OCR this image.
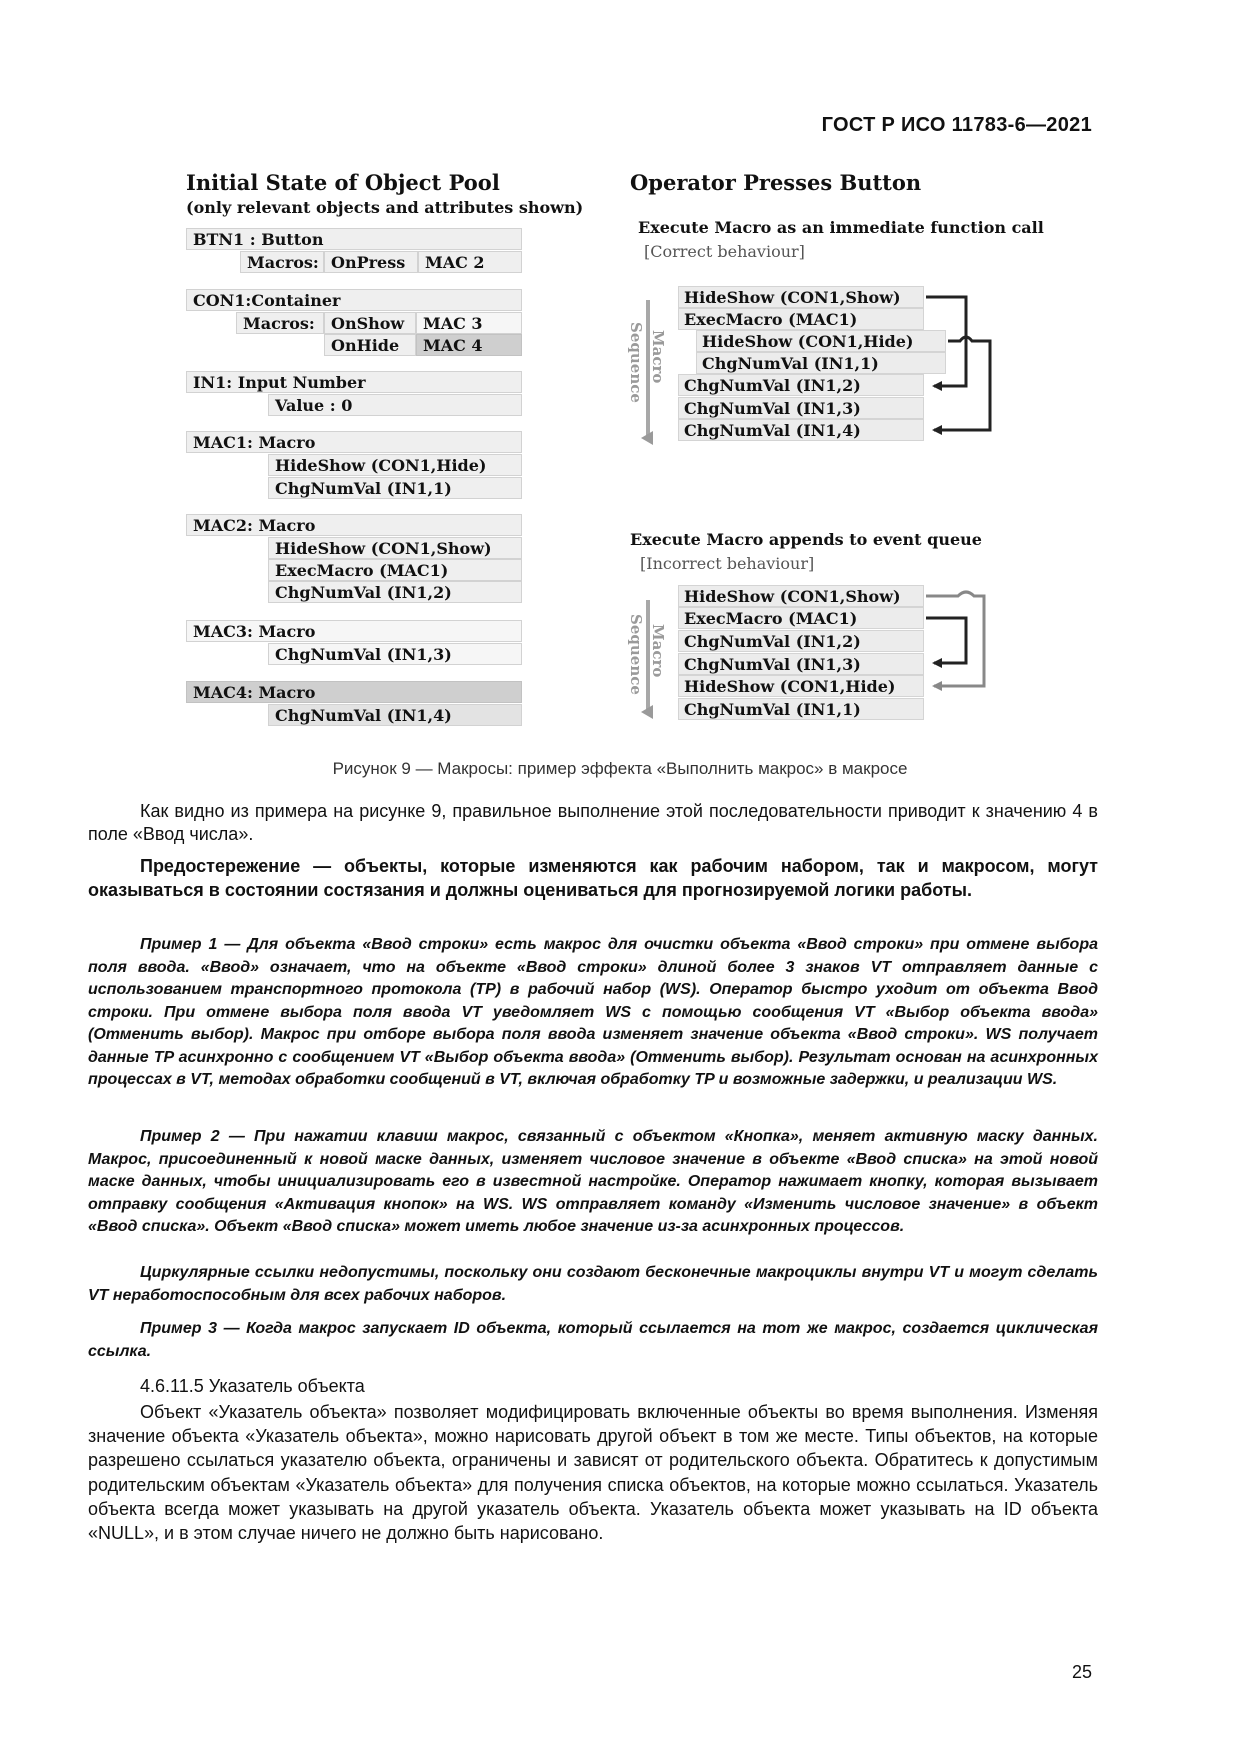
ГОСТ Р ИСО 11783-6—2021
Initial State of Object Pool
(only relevant objects and attributes shown)
BTN1 : Button
Macros: OnPress	MAC 2
CON1:Container
Macros:	OnShow	MAC 3
OnHide	MAC 4
IN1: Input Number
Value : 0
MAC1: Macro
HideShow (CON1,Hide)
ChgNumVal (IN1,1)
MAC2: Macro
HideShow (CON1,Show)
ExecMacro (MAC1)
ChgNumVal (IN1,2)
MAC3: Macro
ChgNumVal (IN1,3)
MAC4: Macro
ChgNumVal (IN1,4)
Operator Presses Button
Execute Macro as an immediate function call
[Correct behaviour]
Sequence Macro
HideShow (CON1,Show)
ExecMacro (MAC1)
HideShow (CON1,Hide)
ChgNumVal (IN1,1)
ChgNumVal (IN1,2)
ChgNumVal (IN1,3)
ChgNumVal (IN1,4)
Execute Macro appends to event queue
[Incorrect behaviour]
Sequence Macro
HideShow (CON1,Show)
ExecMacro (MAC1)
ChgNumVal (IN1,2)
ChgNumVal (IN1,3)
HideShow (CON1,Hide)
ChgNumVal (IN1,1)
Рисунок 9 — Макросы: пример эффекта «Выполнить макрос» в макросе
Как видно из примера на рисунке 9, правильное выполнение этой последовательности приводит к значению 4 в поле «Ввод числа».
Предостережение — объекты, которые изменяются как рабочим набором, так и макросом, могут оказываться в состоянии состязания и должны оцениваться для прогнозируемой логики работы.
Пример 1 — Для объекта «Ввод строки» есть макрос для очистки объекта «Ввод строки» при отмене выбора поля ввода. «Ввод» означает, что на объекте «Ввод строки» длиной более 3 знаков VT отправляет данные с использованием транспортного протокола (TP) в рабочий набор (WS). Оператор быстро уходит от объекта Ввод строки. При отмене выбора поля ввода VT уведомляет WS с помощью сообщения VT «Выбор объекта ввода» (Отменить выбор). Макрос при отборе выбора поля ввода изменяет значение объекта «Ввод строки». WS получает данные TP асинхронно с сообщением VT «Выбор объекта ввода» (Отменить выбор). Результат основан на асинхронных процессах в VT, методах обработки сообщений в VT, включая обработку TP и возможные задержки, и реализации WS.
Пример 2 — При нажатии клавиш макрос, связанный с объектом «Кнопка», меняет активную маску данных. Макрос, присоединенный к новой маске данных, изменяет числовое значение в объекте «Ввод списка» на этой новой маске данных, чтобы инициализировать его в известной настройке. Оператор нажимает кнопку, которая вызывает отправку сообщения «Активация кнопок» на WS. WS отправляет команду «Изменить числовое значение» в объект «Ввод списка». Объект «Ввод списка» может иметь любое значение из-за асинхронных процессов.
Циркулярные ссылки недопустимы, поскольку они создают бесконечные макроциклы внутри VT и могут сделать VT неработоспособным для всех рабочих наборов.
Пример 3 — Когда макрос запускает ID объекта, который ссылается на тот же макрос, создается циклическая ссылка.
4.6.11.5 Указатель объекта
Объект «Указатель объекта» позволяет модифицировать включенные объекты во время выполнения. Изменяя значение объекта «Указатель объекта», можно нарисовать другой объект в том же месте. Типы объектов, на которые разрешено ссылаться указателю объекта, ограничены и зависят от родительского объекта. Обратитесь к допустимым родительским объектам «Указатель объекта» для получения списка объектов, на которые можно ссылаться. Указатель объекта всегда может указывать на другой указатель объекта. Указатель объекта может указывать на ID объекта «NULL», и в этом случае ничего не должно быть нарисовано.
25
